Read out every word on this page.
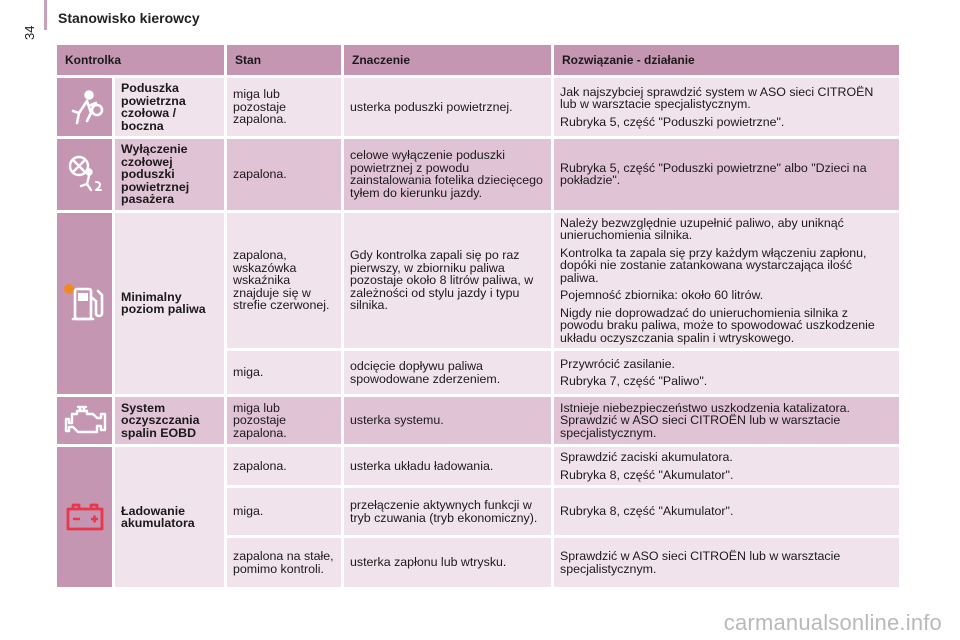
34
Stanowisko kierowcy
Kontrolka		Stan	Znaczenie	Rozwiązanie - działanie

	Poduszka powietrzna czołowa / boczna	miga lub pozostaje zapalona.	usterka poduszki powietrznej.	Jak najszybciej sprawdzić system w ASO sieci CITROËN lub w warsztacie specjalistycznym.
Rubryka 5, część "Poduszki powietrzne".

	Wyłączenie czołowej poduszki powietrznej pasażera	zapalona.	celowe wyłączenie poduszki powietrznej z powodu zainstalowania fotelika dziecięcego tyłem do kierunku jazdy.	Rubryka 5, część "Poduszki powietrzne" albo "Dzieci na pokładzie".

	Minimalny poziom paliwa	zapalona, wskazówka wskaźnika znajduje się w strefie czerwonej.	Gdy kontrolka zapali się po raz pierwszy, w zbiorniku paliwa pozostaje około 8 litrów paliwa, w zależności od stylu jazdy i typu silnika.	Należy bezwzględnie uzupełnić paliwo, aby uniknąć unieruchomienia silnika.
Kontrolka ta zapala się przy każdym włączeniu zapłonu, dopóki nie zostanie zatankowana wystarczająca ilość paliwa.
Pojemność zbiornika: około 60 litrów.
Nigdy nie doprowadzać do unieruchomienia silnika z powodu braku paliwa, może to spowodować uszkodzenie układu oczyszczania spalin i wtryskowego.

		miga.	odcięcie dopływu paliwa spowodowane zderzeniem.	Przywrócić zasilanie.
Rubryka 7, część "Paliwo".

	System oczyszczania spalin EOBD	miga lub pozostaje zapalona.	usterka systemu.	Istnieje niebezpieczeństwo uszkodzenia katalizatora. Sprawdzić w ASO sieci CITROËN lub w warsztacie specjalistycznym.

	Ładowanie akumulatora	zapalona.	usterka układu ładowania.	Sprawdzić zaciski akumulatora.
Rubryka 8, część "Akumulator".

		miga.	przełączenie aktywnych funkcji w tryb czuwania (tryb ekonomiczny).	Rubryka 8, część "Akumulator".
		zapalona na stałe, pomimo kontroli.	usterka zapłonu lub wtrysku.	Sprawdzić w ASO sieci CITROËN lub w warsztacie specjalistycznym.
carmanualsonline.info
